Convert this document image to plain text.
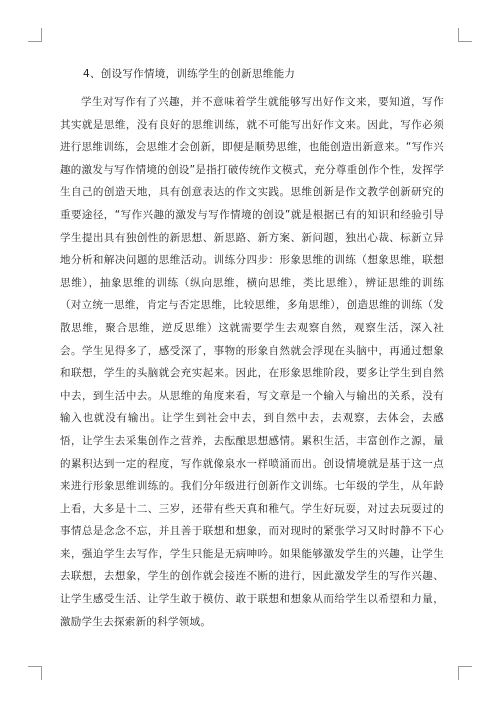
4、创设写作情境，训练学生的创新思维能力

学生对写作有了兴趣，并不意味着学生就能够写出好作文来，要知道，写作其实就是思维，没有良好的思维训练，就不可能写出好作文来。因此，写作必须进行思维训练，会思维才会创新，即便是顺势思维，也能创造出新意来。“写作兴趣的激发与写作情境的创设”是指打破传统作文模式，充分尊重创作个性，发挥学生自己的创造天地，具有创意表达的作文实践。思维创新是作文教学创新研究的重要途径，“写作兴趣的激发与写作情境的创设”就是根据已有的知识和经验引导学生提出具有独创性的新思想、新思路、新方案、新问题，独出心裁、标新立异地分析和解决问题的思维活动。训练分四步：形象思维的训练（想象思维，联想思维），抽象思维的训练（纵向思维，横向思维，类比思维），辨证思维的训练（对立统一思维，肯定与否定思维，比较思维，多角思维），创造思维的训练（发散思维，聚合思维，逆反思维）这就需要学生去观察自然，观察生活，深入社会。学生见得多了，感受深了，事物的形象自然就会浮现在头脑中，再通过想象和联想，学生的头脑就会充实起来。因此，在形象思维阶段，要多让学生到自然中去，到生活中去。从思维的角度来看，写文章是一个输入与输出的关系，没有输入也就没有输出。让学生到社会中去，到自然中去，去观察，去体会，去感悟，让学生去采集创作之营养，去酝酿思想感情。累积生活，丰富创作之源，量的累积达到一定的程度，写作就像泉水一样喷涌而出。创设情境就是基于这一点来进行形象思维训练的。我们分年级进行创新作文训练。七年级的学生，从年龄上看，大多是十二、三岁，还带有些天真和稚气。学生好玩耍，对过去玩耍过的事情总是念念不忘，并且善于联想和想象，而对现时的紧张学习又时时静不下心来，强迫学生去写作，学生只能是无病呻吟。如果能够激发学生的兴趣，让学生去联想，去想象，学生的创作就会接连不断的进行，因此激发学生的写作兴趣、让学生感受生活、让学生敢于模仿、敢于联想和想象从而给学生以希望和力量，激励学生去探索新的科学领域。
